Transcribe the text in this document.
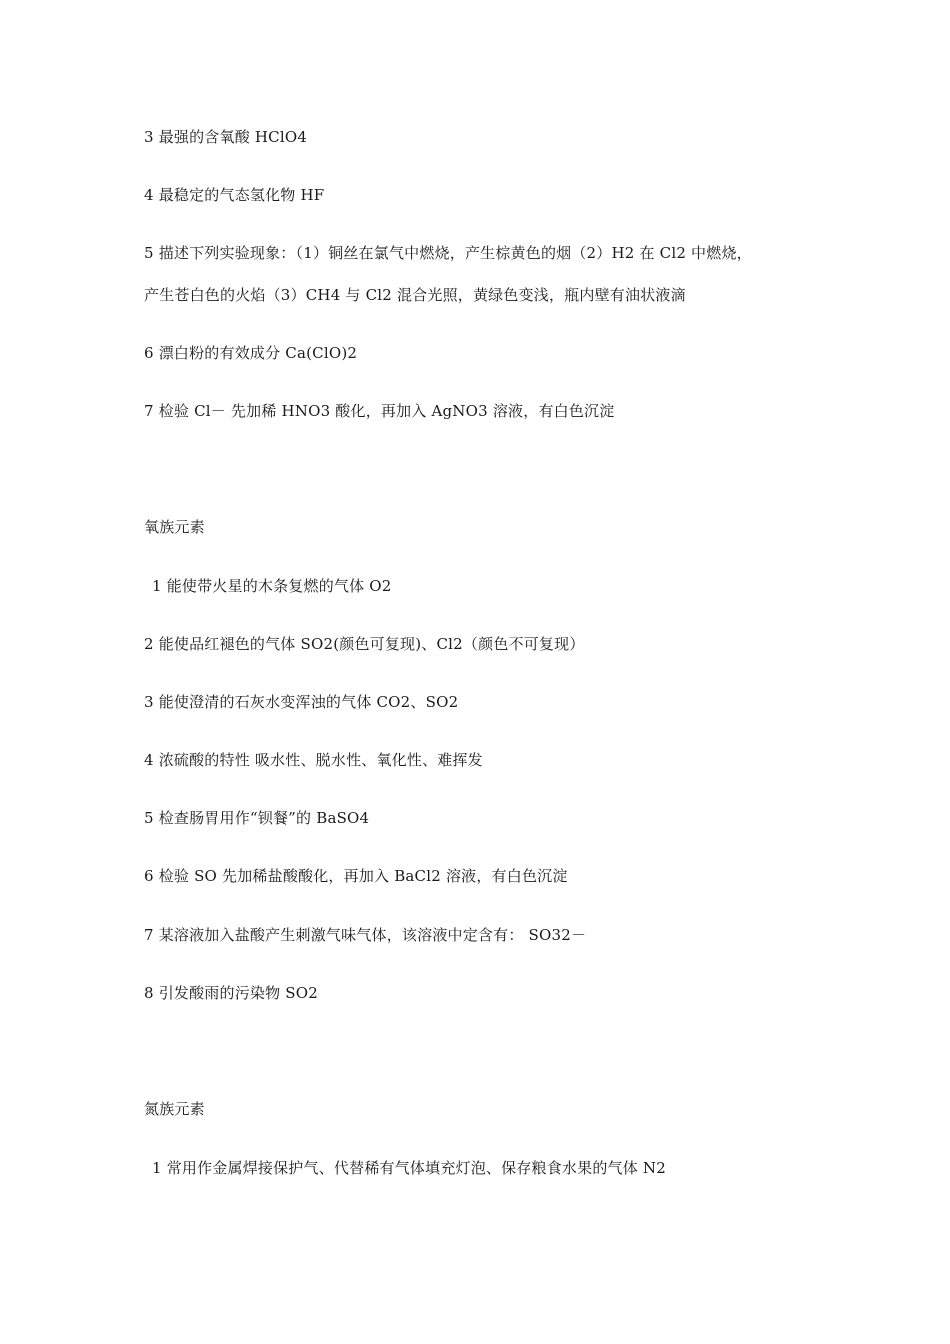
3 最强的含氧酸 HClO4
4 最稳定的气态氢化物 HF
5 描述下列实验现象：（1）铜丝在氯气中燃烧，产生棕黄色的烟（2）H2 在 Cl2 中燃烧，
产生苍白色的火焰（3）CH4 与 Cl2 混合光照，黄绿色变浅，瓶内壁有油状液滴
6 漂白粉的有效成分 Ca(ClO)2
7 检验 Cl－ 先加稀 HNO3 酸化，再加入 AgNO3 溶液，有白色沉淀
氧族元素
1 能使带火星的木条复燃的气体 O2
2 能使品红褪色的气体 SO2(颜色可复现)、Cl2（颜色不可复现）
3 能使澄清的石灰水变浑浊的气体 CO2、SO2
4 浓硫酸的特性 吸水性、脱水性、氧化性、难挥发
5 检查肠胃用作“钡餐”的 BaSO4
6 检验 SO 先加稀盐酸酸化，再加入 BaCl2 溶液，有白色沉淀
7 某溶液加入盐酸产生刺激气味气体，该溶液中定含有： SO32－
8 引发酸雨的污染物 SO2
氮族元素
1 常用作金属焊接保护气、代替稀有气体填充灯泡、保存粮食水果的气体 N2
